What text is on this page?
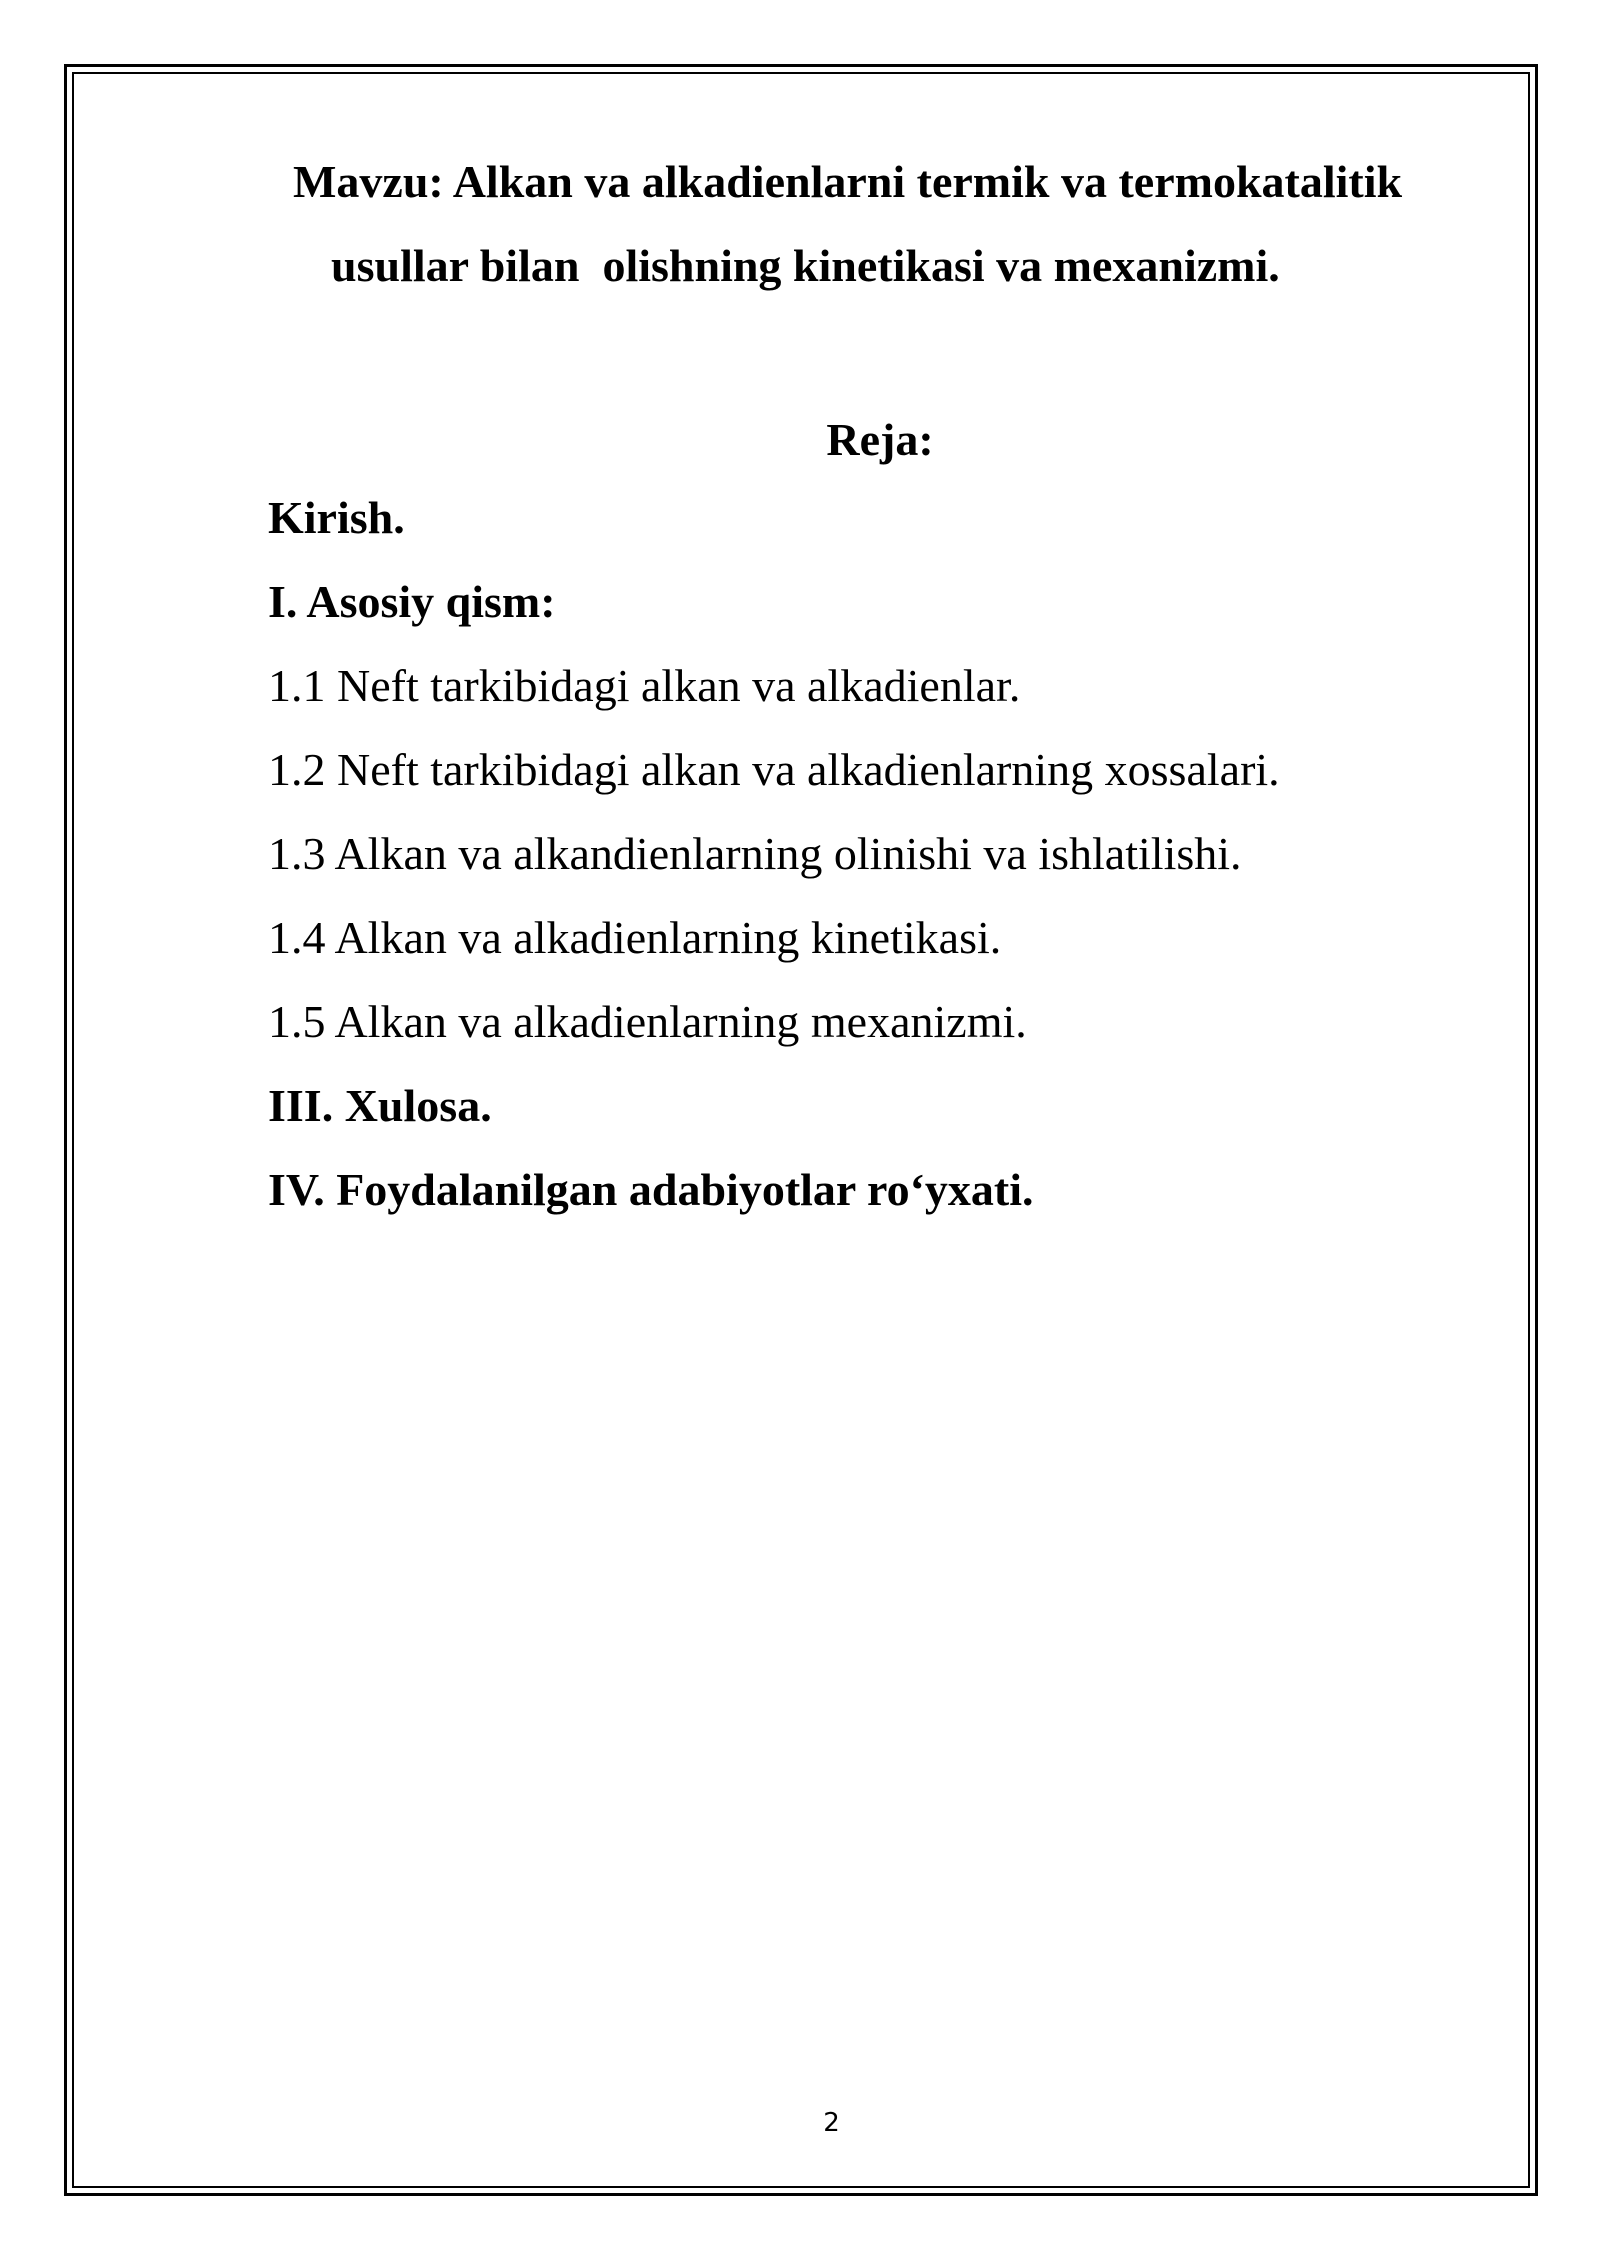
Mavzu: Alkan va alkadienlarni termik va termokatalitik
usullar bilan  olishning kinetikasi va mexanizmi.
Reja:
Kirish.
I. Asosiy qism:
1.1 Neft tarkibidagi alkan va alkadienlar.
1.2 Neft tarkibidagi alkan va alkadienlarning xossalari.
1.3 Alkan va alkandienlarning olinishi va ishlatilishi.
1.4 Alkan va alkadienlarning kinetikasi.
1.5 Alkan va alkadienlarning mexanizmi.
III. Xulosa.
IV. Foydalanilgan adabiyotlar ro‘yxati.
2
